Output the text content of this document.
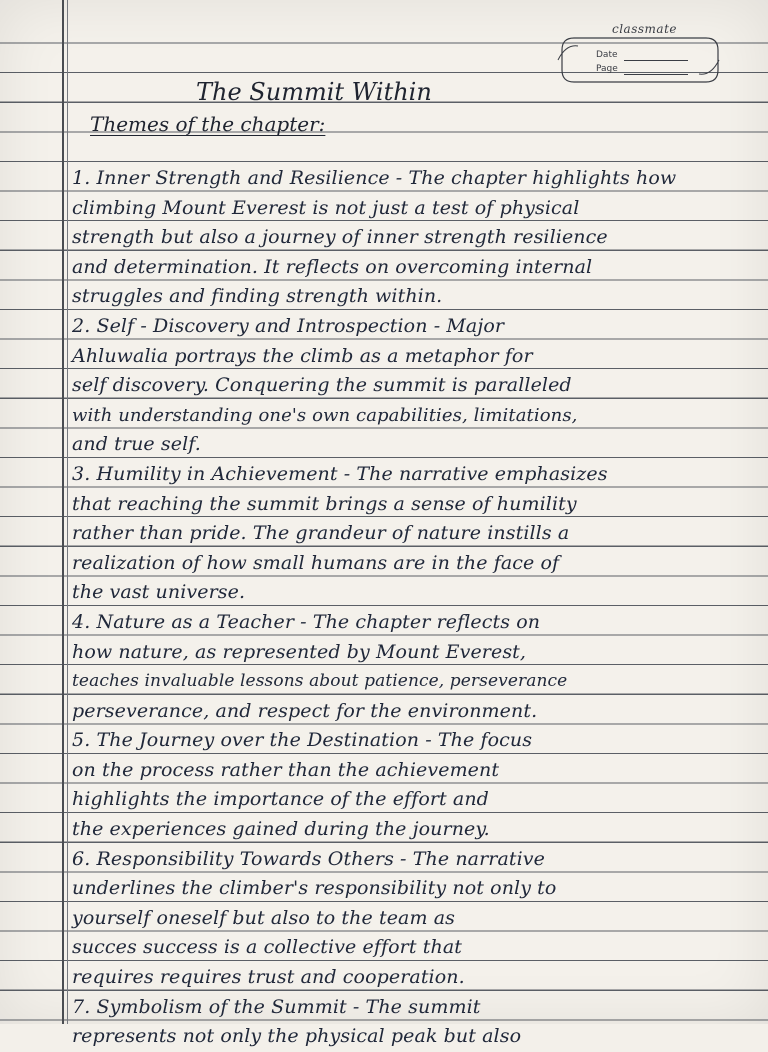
classmate
Date
Page
The Summit Within
Themes of the chapter:
1. Inner Strength and Resilience - The chapter highlights how
climbing Mount Everest is not just a test of physical
strength but also a journey of inner strength resilience
and determination. It reflects on overcoming internal
struggles and finding strength within.
2. Self - Discovery and Introspection - Major
Ahluwalia portrays the climb as a metaphor for
self discovery. Conquering the summit is paralleled
with understanding one's own capabilities, limitations,
and true self.
3. Humility in Achievement - The narrative emphasizes
that reaching the summit brings a sense of humility
rather than pride. The grandeur of nature instills a
realization of how small humans are in the face of
the vast universe.
4. Nature as a Teacher - The chapter reflects on
how nature, as represented by Mount Everest,
teaches invaluable lessons about patience, perseverance
perseverance, and respect for the environment.
5. The Journey over the Destination - The focus
on the process rather than the achievement
highlights the importance of the effort and
the experiences gained during the journey.
6. Responsibility Towards Others - The narrative
underlines the climber's responsibility not only to
yourself oneself but also to the team as
succes success is a collective effort that
requires requires trust and cooperation.
7. Symbolism of the Summit - The summit
represents not only the physical peak but also
